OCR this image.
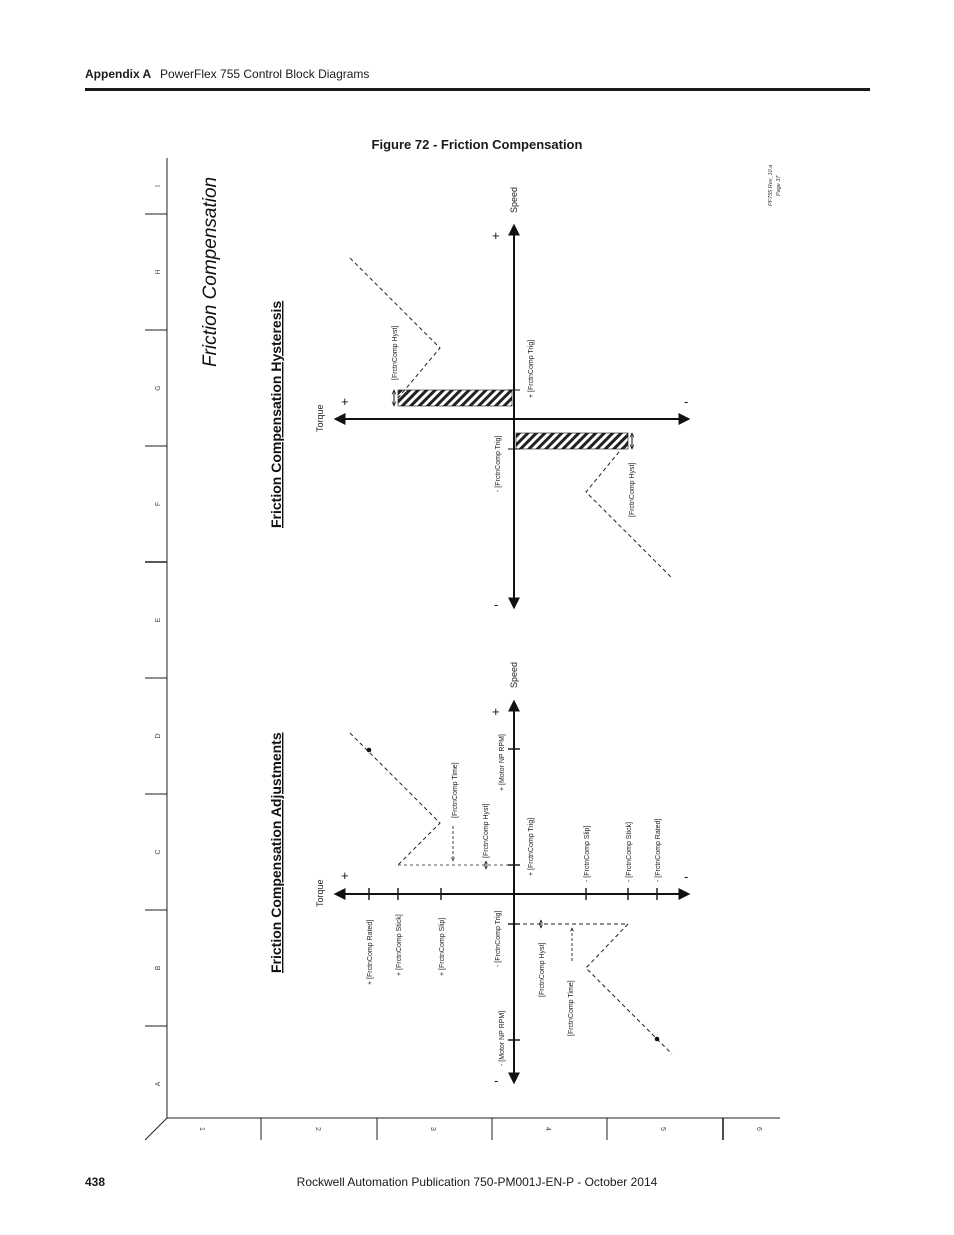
Appendix A PowerFlex 755 Control Block Diagrams
Figure 72 - Friction Compensation
A
B
C
D
E
F
G
H
I
1	2	3	4	5	6
Friction Compensation	PF755 Rev_10.a Page 37
Friction Compensation Hysteresis	Torque
Speed
+	-
+
-
[FrctnComp Hyst]	+ [FrctnComp Trig]
- [FrctnComp Trig]	[FrctnComp Hyst]
Friction Compensation Adjustments	Torque
Speed
+	-
+
-
+ [FrctnComp Rated]	+ [FrctnComp Stick]	+ [FrctnComp Slip]
[FrctnComp Time]
[FrctnComp Hyst]
+ [Motor NP RPM]
+ [FrctnComp Trig]
- [FrctnComp Trig]
- [Motor NP RPM]
[FrctnComp Hyst]
[FrctnComp Time]
- [FrctnComp Slip]	- [FrctnComp Stick]	- [FrctnComp Rated]
438	Rockwell Automation Publication 750-PM001J-EN-P - October 2014
